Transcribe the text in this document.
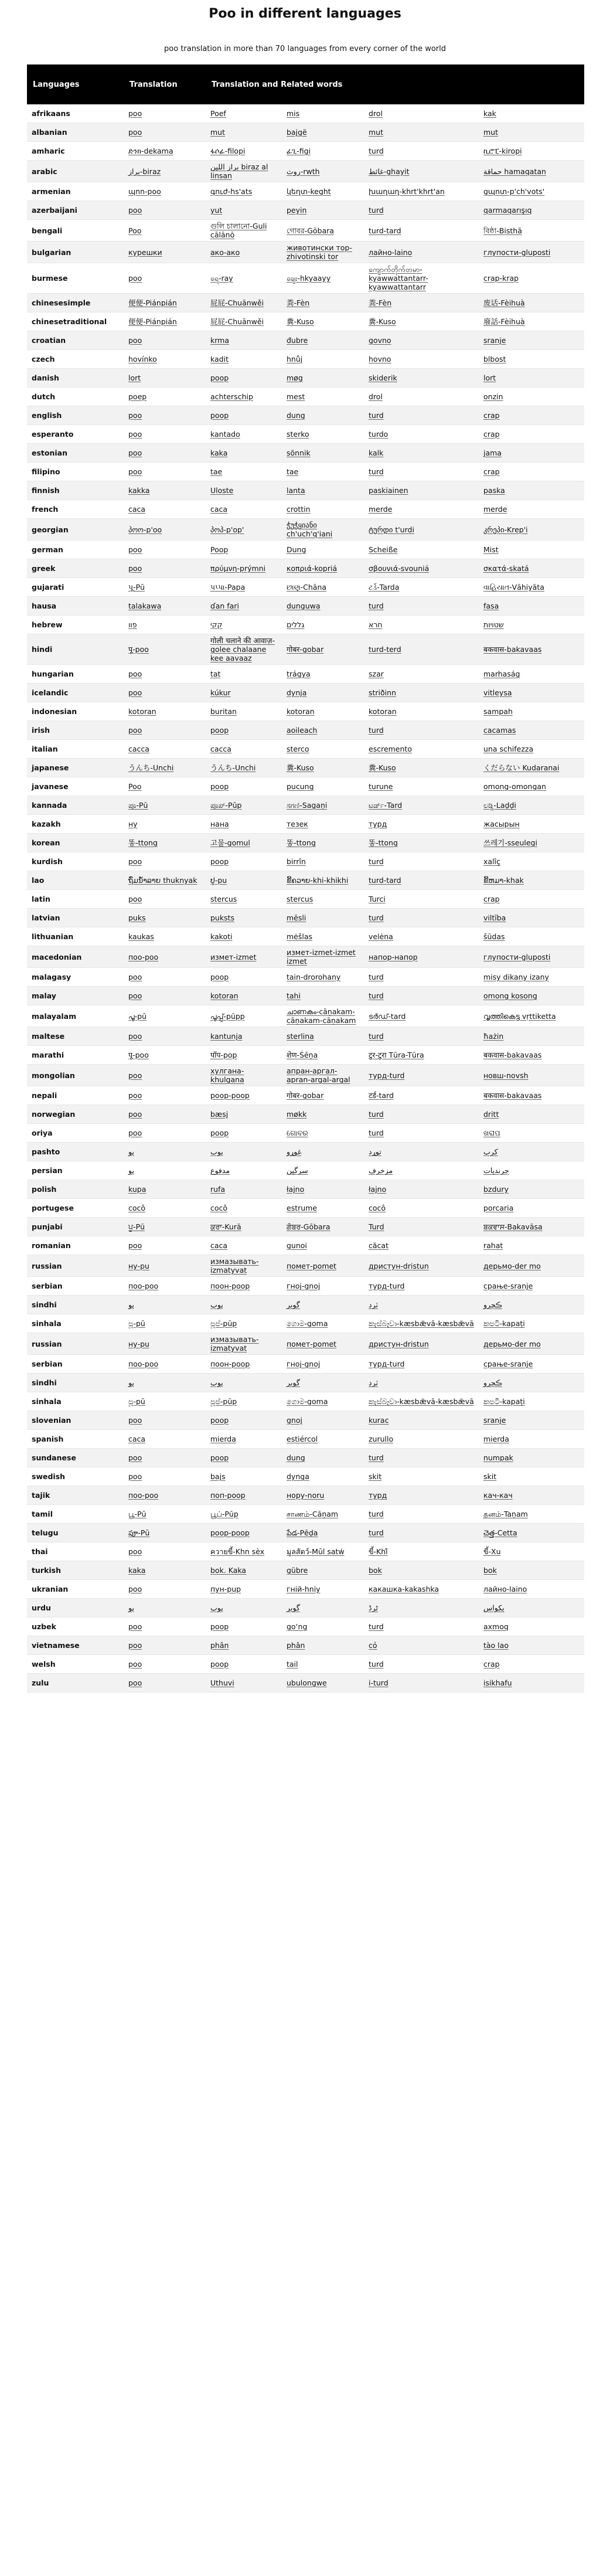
Poo in different languages
poo translation in more than 70 languages from every corner of the world
Languages	Translation	Translation and Related words			
afrikaans	poo	Poef	mis	drol	kak
albanian	poo	mut	bajgë	mut	mut
amharic	ድንክ-dekama	ፋሶፊ-filopi	ፊጊ-figi	turd	ኪሮፒ-kiropi
arabic	براز-biraz	براز اللين biraz al linsan	روث-rwth	غائط-ghayit	حماقة hamaqatan
armenian	պոո-poo	գուժ-hs'ats	կեղտ-keght	խաղաղ-khrt'khrt'an	ցպոտ-p'ch'vots'
azerbaijani	poo	yut	peyin	turd	qarmaqarışıq
bengali	Poo	গুলি চালানো-Guli cālānō	গোবর-Gōbara	turd-tard	বিষ্ঠা-Bisthā
bulgarian	курешки	ако-ако	животински тор-zhivotinski tor	лайно-laino	глупости-gluposti
burmese	poo	ရေ-ray	ချေး-hkyaayy	ကျောက်တိုက်တမာ-kyawwattantarr-kyawwattantarr	crap-krap
chinesesimple	便便-Piánpián	屁屁-Chuānwěi	粪-Fèn	粪-Fèn	废话-Fèihuà
chinesetraditional	便便-Piánpián	屁屁-Chuānwěi	糞-Kuso	糞-Kuso	廢話-Fèihuà
croatian	poo	krma	đubre	govno	sranje
czech	hovínko	kadit	hnůj	hovno	blbost
danish	lort	poop	møg	skiderik	lort
dutch	poep	achterschip	mest	drol	onzin
english	poo	poop	dung	turd	crap
esperanto	poo	kantado	sterko	turdo	crap
estonian	poo	kaka	sõnnik	kalk	jama
filipino	poo	tae	tae	turd	crap
finnish	kakka	Uloste	lanta	paskiainen	paska
french	caca	caca	crottin	merde	merde
georgian	პოო-p'oo	პოპ-p'op'	ჭუჭყიანი ch'uch'q'iani	ტურდი t'urdi	კრეპი-Krep'i
german	poo	Poop	Dung	Scheiße	Mist
greek	poo	πρύμνη-prýmni	κοπριά-kopriá	σβουνιά-svouniá	σκατά-skatá
gujarati	પૂ-Pū	પપ્પા-Papa	છાણ-Chāna	ટર્ડ-Tarda	વાહિયાત-Vāhiyāta
hausa	talakawa	ɗan fari	dunguwa	turd	fasa
hebrew	פוו	קקי	גללים	חרא	שטויות
hindi	पू-poo	गोली चलाने की आवाज़-golee chalaane kee aavaaz	गोबर-gobar	turd-terd	बकवास-bakavaas
hungarian	poo	tat	trágya	szar	marhaság
icelandic	poo	kúkur	dynja	striðinn	vitleysa
indonesian	kotoran	buritan	kotoran	kotoran	sampah
irish	poo	poop	aoileach	turd	cacamas
italian	cacca	cacca	sterco	escremento	una schifezza
japanese	うんち-Unchi	うんち-Unchi	糞-Kuso	糞-Kuso	くだらない Kudaranai
javanese	Poo	poop	pucung	turune	omong-omongan
kannada	ಪೂ-Pū	ಪೂಪ್-Pūp	ಸಗಣಿ-Sagaṇi	ಟರ್ಡ್-Tard	ಲಡ್ಡಿ-Laḍḍi
kazakh	ну	нана	тезек	турд	жасырын
korean	똥-ttong	고물-gomul	똥-ttong	똥-ttong	쓰레기-sseulegi
kurdish	poo	poop	birrîn	turd	xalîç
lao	ຖົ່ມນໍ້າລາຍ thuknyak	ປູ-pu	ຂີ້ຄວາຍ-khi-khikhi	turd-tard	ຂີ້ຫມາ-khak
latin	poo	stercus	stercus	Turci	crap
latvian	puks	puksts	mēsli	turd	viltība
lithuanian	kaukas	kakoti	mėšlas	velėna	šūdas
macedonian	поо-poo	измет-izmet	измет-izmet-izmet izmet	напор-напор	глупости-gluposti
malagasy	poo	poop	tain-drorohany	turd	misy dikany izany
malay	poo	kotoran	tahi	turd	omong kosong
malayalam	പൂ-pū	പൂപ്പ്-pūpp	ചാണകം-cāṇakam-cāṇakam-cāṇakam	ടർഡ്-tard	വൃത്തികെട്ട vṛttiketta
maltese	poo	kantunja	sterlina	turd	ħażin
marathi	पू-poo	पॉप-pop	शेण-Śēṇa	टुर-टुरा Tūra-Tūra	बकवास-bakavaas
mongolian	poo	хулгана-khulgana	апран-аргал-apran-argal-argal	турд-turd	новш-novsh
nepali	poo	poop-poop	गोबर-gobar	टर्ड-tard	बकवास-bakavaas
norwegian	poo	bæsj	møkk	turd	dritt
oriya	poo	poop	ଗୋବର	turd	ଖରାପ
pashto	پو	پوپ	غوړو	توړد	کرپ
persian	پو	مدفوع	سرگین	مزخرف	چرندیات
polish	kupa	rufa	łajno	łajno	bzdury
portugese	cocô	cocô	estrume	cocô	porcaria
punjabi	ਪੂ-Pū	ਕੁਰਾ-Kurā	ਗੋਬਰ-Gōbara	Turd	ਬਕਵਾਸ-Bakavāsa
romanian	poo	caca	gunoi	căcat	rahat
russian	ну-pu	измазывать-izmatyvat	помет-pomet	дристун-dristun	дерьмо-der mo
serbian	поо-poo	поон-poop	гној-gnoj	турд-turd	срање-sranje
sindhi	پو	پوپ	گوبر	ٽرڊ	ڪچرو
sinhala	පූ-pū	පූප්-pūp	ගොම-goma	කැස්බෑවා-kæsbǣvā-kæsbǣvā	කපටි-kapaṭi
russian	ну-pu	измазывать-izmatyvat	помет-pomet	дристун-dristun	дерьмо-der mo
serbian	поо-poo	поон-poop	гној-gnoj	турд-turd	срање-sranje
sindhi	پو	پوپ	گوبر	ٽرڊ	ڪچرو
sinhala	පූ-pū	පූප්-pūp	ගොම-goma	කැස්බෑවා-kæsbǣvā-kæsbǣvā	කපටි-kapaṭi
slovenian	poo	poop	gnoj	kurac	sranje
spanish	caca	mierda	estiércol	zurullo	mierda
sundanese	poo	poop	dung	turd	numpak
swedish	poo	bajs	dynga	skit	skit
tajik	поо-poo	поп-poop	нору-noru	турд	кач-кач
tamil	பூ-Pū	பூப்-Pūp	சாணம்-Cāṇam	turd	தனம்-Taṇam
telugu	పూ-Pū	poop-poop	పేడ-Pēḍa	turd	చెత్త-Cetta
thai	poo	ควายขี้-Khn sèx	มูลสัตว์-Mūl satw̒	ขี้-Khī̂	ขี้-Xu
turkish	kaka	bok. Kaka	gübre	bok	bok
ukranian	poo	пун-pup	гній-hnіy	какашка-kakashka	лайно-laino
urdu	پو	پوپ	گوبر	ٹرڈ	بکواس
uzbek	poo	poop	goʻng	turd	axmoq
vietnamese	poo	phân	phân	cỏ	tào lao
welsh	poo	poop	tail	turd	crap
zulu	poo	Uthuvi	ubulongwe	i-turd	isikhafu
